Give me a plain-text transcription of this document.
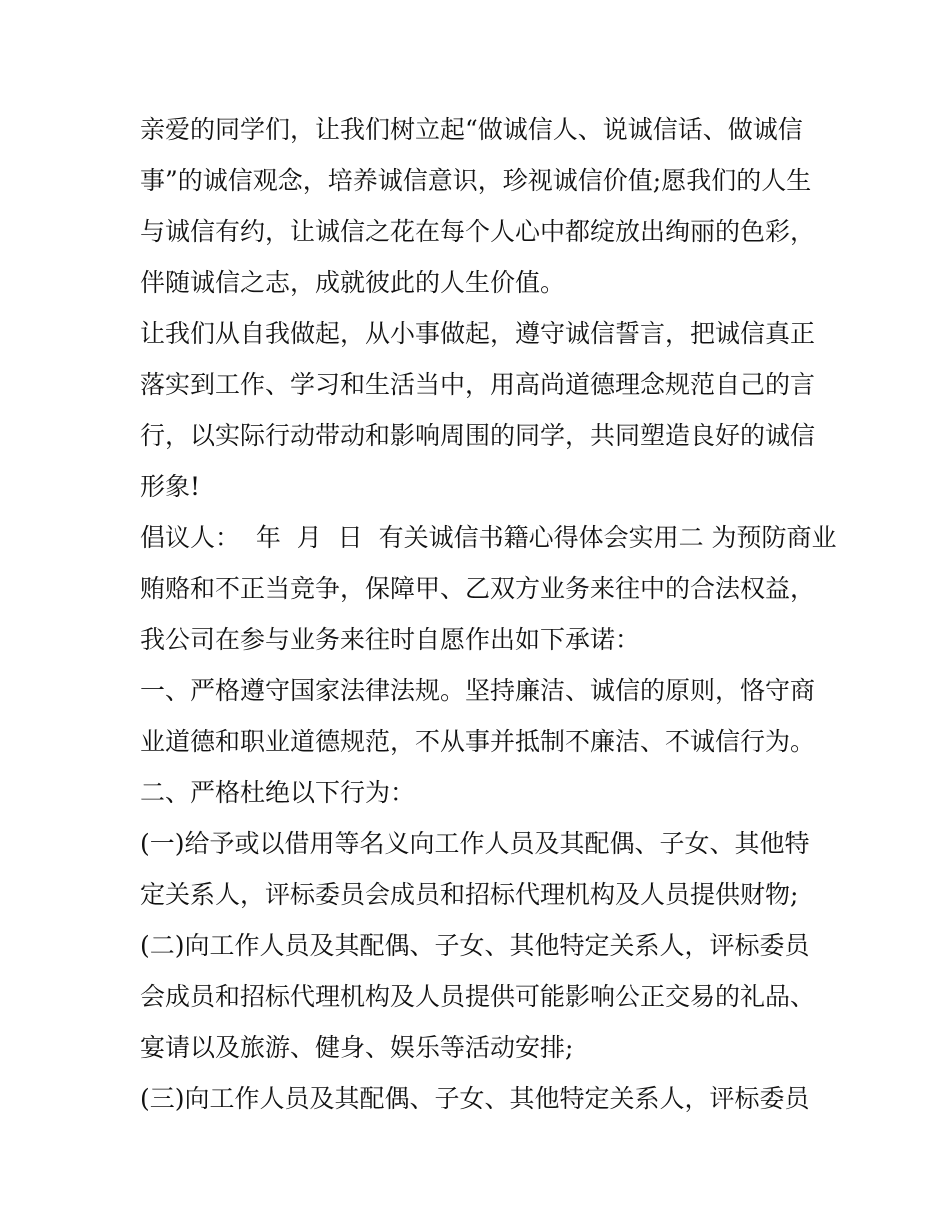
亲爱的同学们，让我们树立起“做诚信人、说诚信话、做诚信
事”的诚信观念，培养诚信意识，珍视诚信价值;愿我们的人生
与诚信有约，让诚信之花在每个人心中都绽放出绚丽的色彩，
伴随诚信之志，成就彼此的人生价值。
让我们从自我做起，从小事做起，遵守诚信誓言，把诚信真正
落实到工作、学习和生活当中，用高尚道德理念规范自己的言
行，以实际行动带动和影响周围的同学，共同塑造良好的诚信
形象!
倡议人：  年  月  日  有关诚信书籍心得体会实用二 为预防商业
贿赂和不正当竞争，保障甲、乙双方业务来往中的合法权益，
我公司在参与业务来往时自愿作出如下承诺：
一、严格遵守国家法律法规。坚持廉洁、诚信的原则，恪守商
业道德和职业道德规范，不从事并抵制不廉洁、不诚信行为。
二、严格杜绝以下行为：
(一)给予或以借用等名义向工作人员及其配偶、子女、其他特
定关系人，评标委员会成员和招标代理机构及人员提供财物;
(二)向工作人员及其配偶、子女、其他特定关系人，评标委员
会成员和招标代理机构及人员提供可能影响公正交易的礼品、
宴请以及旅游、健身、娱乐等活动安排;
(三)向工作人员及其配偶、子女、其他特定关系人，评标委员
